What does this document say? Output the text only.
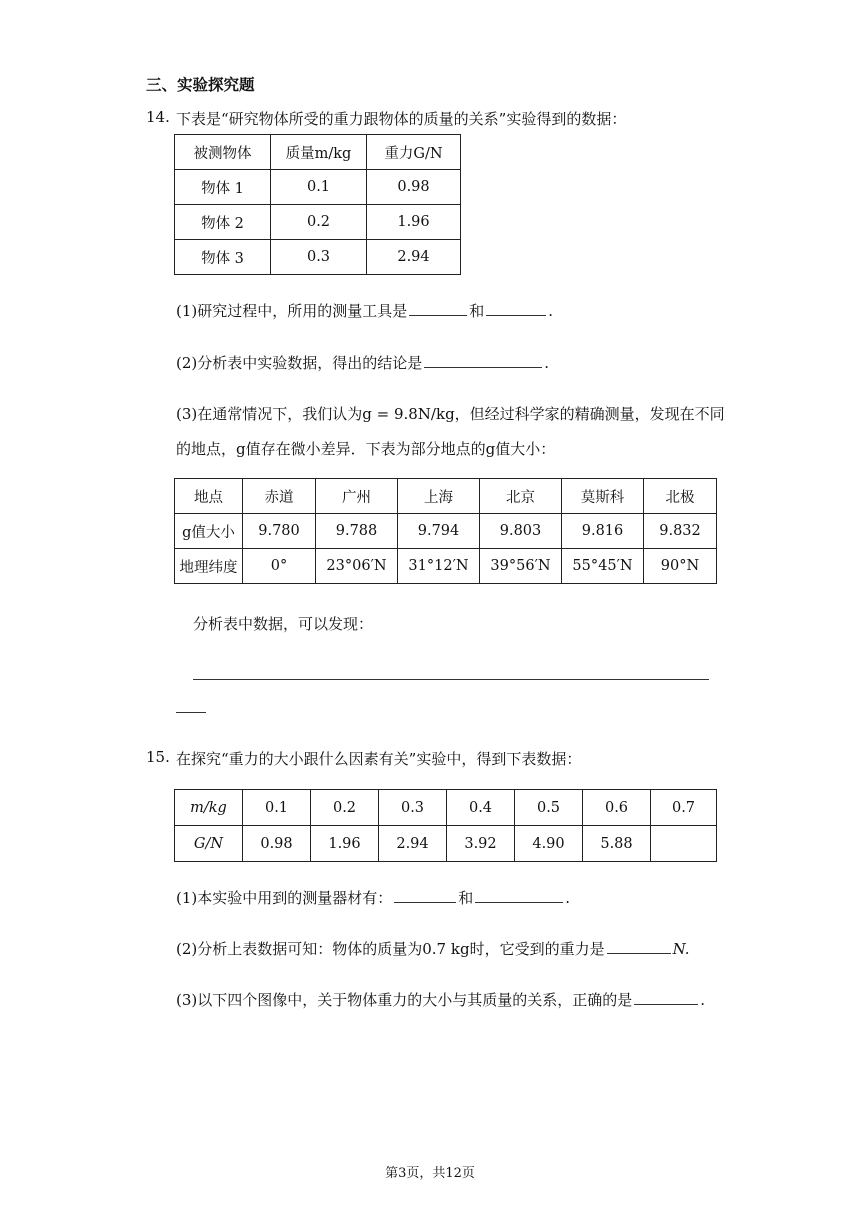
三、实验探究题
14. 下表是“研究物体所受的重力跟物体的质量的关系”实验得到的数据：
被测物体	质量m/kg	重力G/N
物体 1	0.1	0.98
物体 2	0.2	1.96
物体 3	0.3	2.94
(1)研究过程中，所用的测量工具是	和	.
(2)分析表中实验数据，得出的结论是	.
(3)在通常情况下，我们认为g = 9.8N/kg，但经过科学家的精确测量，发现在不同
的地点，g值存在微小差异．下表为部分地点的g值大小：
地点	赤道	广州	上海	北京	莫斯科	北极
g值大小	9.780	9.788	9.794	9.803	9.816	9.832
地理纬度	0°	23°06′N	31°12′N	39°56′N	55°45′N	90°N
分析表中数据，可以发现：
15. 在探究“重力的大小跟什么因素有关”实验中，得到下表数据：
m/kg	0.1	0.2	0.3	0.4	0.5	0.6	0.7
G/N	0.98	1.96	2.94	3.92	4.90	5.88	
(1)本实验中用到的测量器材有：	和	.
(2)分析上表数据可知：物体的质量为0.7 kg时，它受到的重力是	N.
(3)以下四个图像中，关于物体重力的大小与其质量的关系，正确的是	.
第3页，共12页
